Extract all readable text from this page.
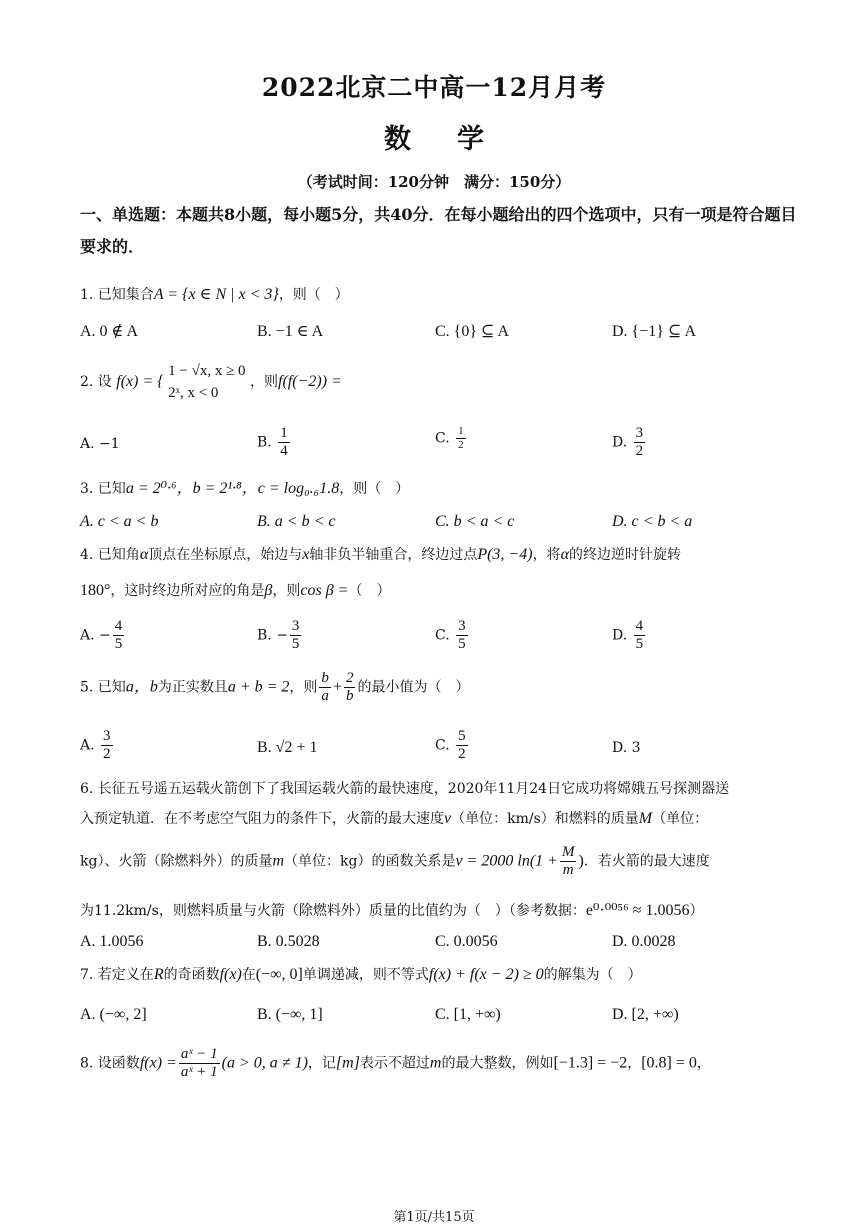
2022北京二中高一12月月考
数学
（考试时间：120分钟　满分：150分）
一、单选题：本题共8小题，每小题5分，共40分．在每小题给出的四个选项中，只有一项是符合题目要求的．
1. 已知集合A = {x ∈ N | x < 3}，则（　）
A. 0 ∉ A	B. −1 ∈ A	C. {0} ⊆ A	D. {−1} ⊆ A
2. 设 f(x) = {
1 − √x, x ≥ 0
2ˣ, x < 0
，则f(f(−2)) =
A. −1	B. $\frac{1}{4}$	C. $\frac{1}{2}$	D. $\frac{3}{2}$
3. 已知a = 2⁰·⁶，b = 2¹·⁸，c = log₀.₆1.8，则（　）
A. c < a < b	B. a < b < c	C. b < a < c	D. c < b < a
4. 已知角α顶点在坐标原点，始边与x轴非负半轴重合，终边过点P(3, −4)，将α的终边逆时针旋转
180°，这时终边所对应的角是β，则cos β =（　）
A. − $\frac{4}{5}$	B. − $\frac{3}{5}$	C. $\frac{3}{5}$	D. $\frac{4}{5}$
5. 已知a，b为正实数且a + b = 2，则 $\frac{b}{a} + \frac{2}{b}$ 的最小值为（　）
A. $\frac{3}{2}$	B. √2 + 1	C. $\frac{5}{2}$	D. 3
6. 长征五号遥五运载火箭创下了我国运载火箭的最快速度，2020年11月24日它成功将嫦娥五号探测器送
入预定轨道．在不考虑空气阻力的条件下，火箭的最大速度v（单位：km/s）和燃料的质量M（单位：
kg）、火箭（除燃料外）的质量m（单位：kg）的函数关系是v = 2000 $\ln(1 + \frac{M}{m}$ )．若火箭的最大速度
为11.2km/s，则燃料质量与火箭（除燃料外）质量的比值约为（　）（参考数据：e⁰·⁰⁰⁵⁶ ≈ 1.0056）
A. 1.0056	B. 0.5028	C. 0.0056	D. 0.0028
7. 若定义在R的奇函数f(x)在(−∞, 0]单调递减，则不等式f(x) + f(x − 2) ≥ 0的解集为（　）
A. (−∞, 2]	B. (−∞, 1]	C. [1, +∞)	D. [2, +∞)
8. 设函数$f(x) = \frac{\text{aˣ − 1}}{\text{aˣ + 1}} (a > 0$, a ≠ 1)，记[m]表示不超过m的最大整数，例如[−1.3] = −2，[0.8] = 0，
第1页/共15页
